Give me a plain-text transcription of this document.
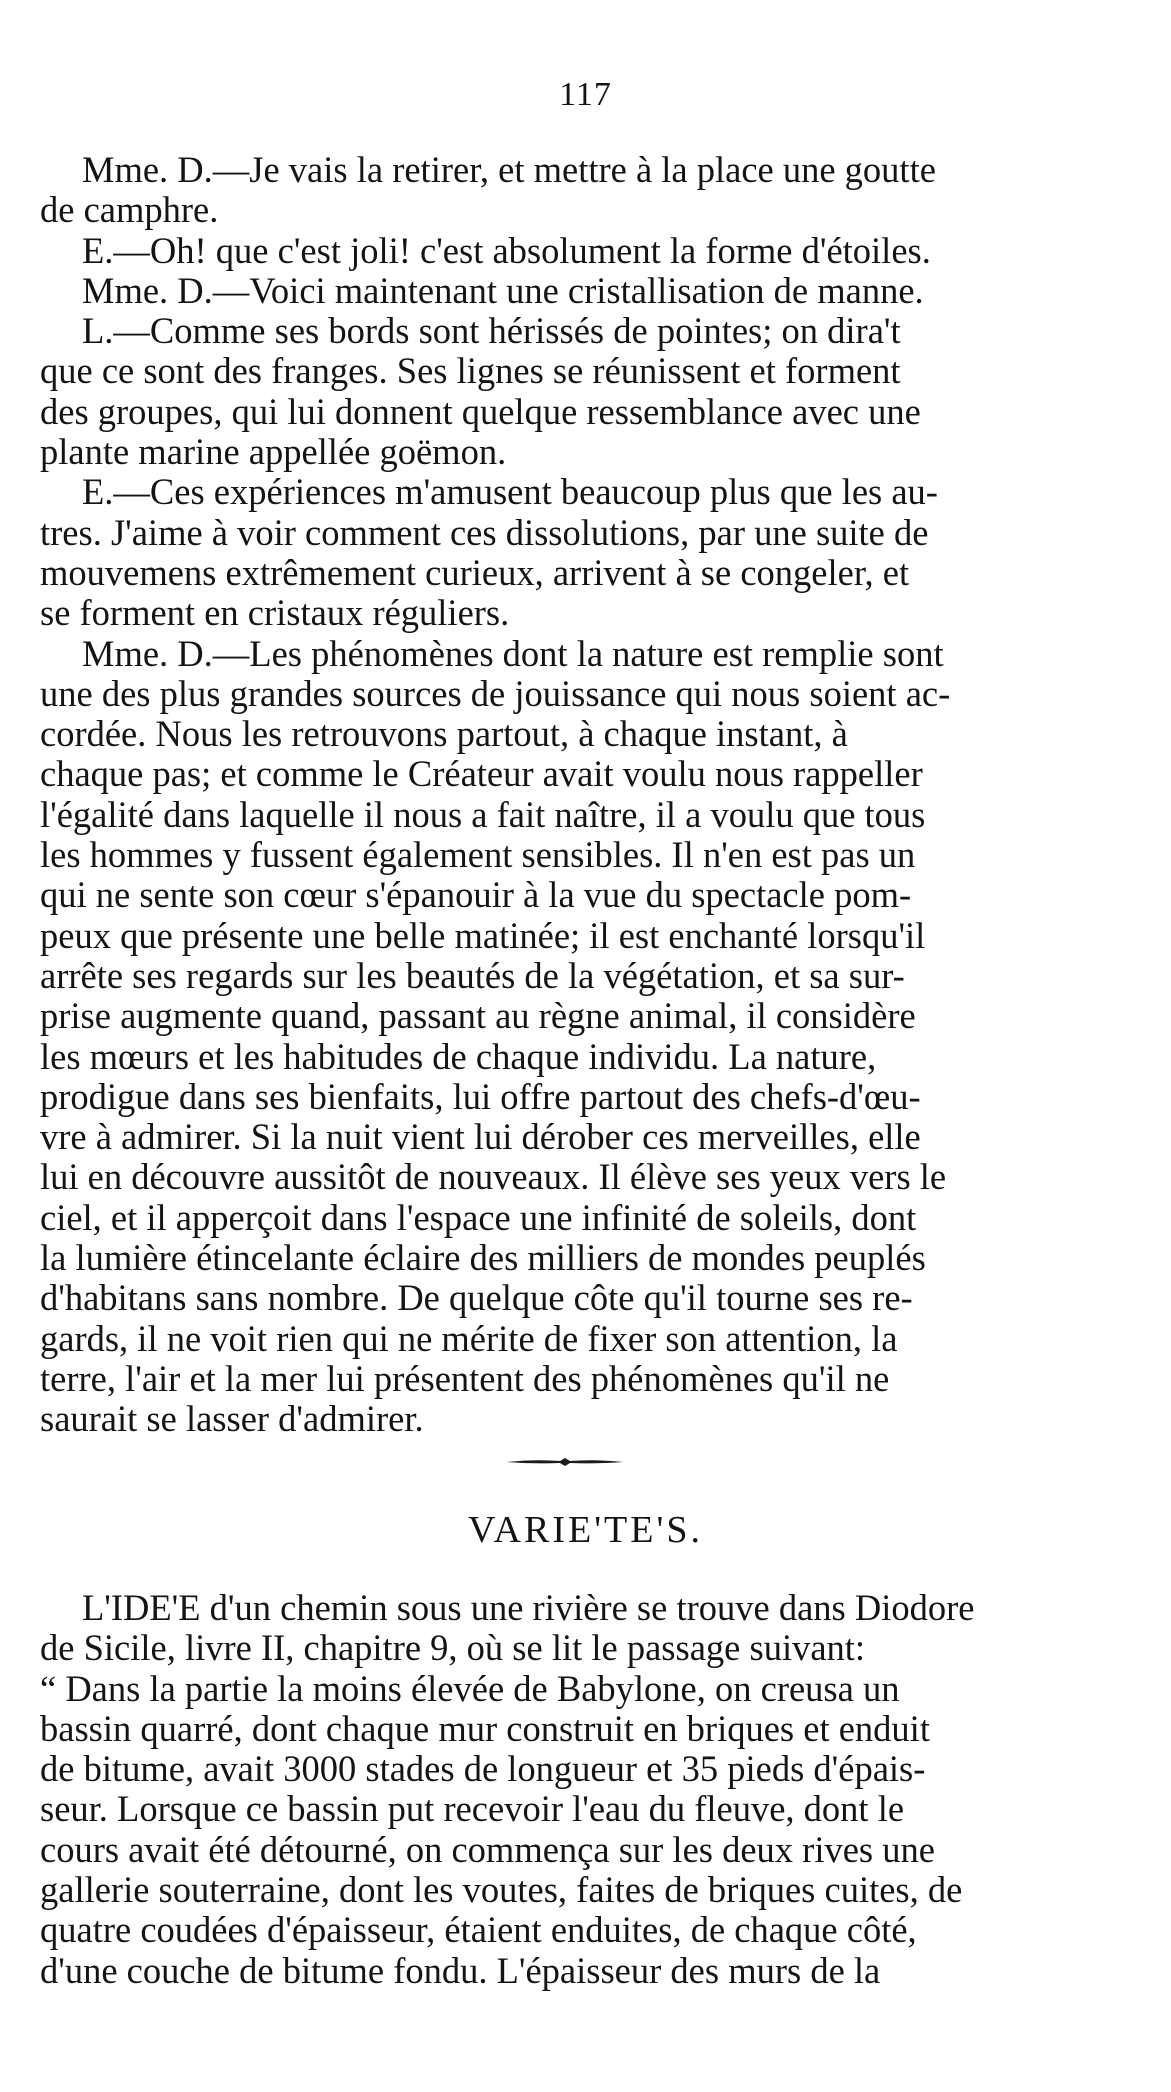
117

Mme. D.—Je vais la retirer, et mettre à la place une goutte
de camphre.

E.—Oh! que c'est joli! c'est absolument la forme d'étoiles.

Mme. D.—Voici maintenant une cristallisation de manne.

L.—Comme ses bords sont hérissés de pointes; on dira't
que ce sont des franges. Ses lignes se réunissent et forment
des groupes, qui lui donnent quelque ressemblance avec une
plante marine appellée goëmon.

E.—Ces expériences m'amusent beaucoup plus que les au-
tres. J'aime à voir comment ces dissolutions, par une suite de
mouvemens extrêmement curieux, arrivent à se congeler, et
se forment en cristaux réguliers.

Mme. D.—Les phénomènes dont la nature est remplie sont
une des plus grandes sources de jouissance qui nous soient ac-
cordée. Nous les retrouvons partout, à chaque instant, à
chaque pas; et comme le Créateur avait voulu nous rappeller
l'égalité dans laquelle il nous a fait naître, il a voulu que tous
les hommes y fussent également sensibles. Il n'en est pas un
qui ne sente son cœur s'épanouir à la vue du spectacle pom-
peux que présente une belle matinée; il est enchanté lorsqu'il
arrête ses regards sur les beautés de la végétation, et sa sur-
prise augmente quand, passant au règne animal, il considère
les mœurs et les habitudes de chaque individu. La nature,
prodigue dans ses bienfaits, lui offre partout des chefs-d'œu-
vre à admirer. Si la nuit vient lui dérober ces merveilles, elle
lui en découvre aussitôt de nouveaux. Il élève ses yeux vers le
ciel, et il apperçoit dans l'espace une infinité de soleils, dont
la lumière étincelante éclaire des milliers de mondes peuplés
d'habitans sans nombre. De quelque côte qu'il tourne ses re-
gards, il ne voit rien qui ne mérite de fixer son attention, la
terre, l'air et la mer lui présentent des phénomènes qu'il ne
saurait se lasser d'admirer.

VARIE'TE'S.

L'IDE'E d'un chemin sous une rivière se trouve dans Diodore
de Sicile, livre II, chapitre 9, où se lit le passage suivant:
“ Dans la partie la moins élevée de Babylone, on creusa un
bassin quarré, dont chaque mur construit en briques et enduit
de bitume, avait 3000 stades de longueur et 35 pieds d'épais-
seur. Lorsque ce bassin put recevoir l'eau du fleuve, dont le
cours avait été détourné, on commença sur les deux rives une
gallerie souterraine, dont les voutes, faites de briques cuites, de
quatre coudées d'épaisseur, étaient enduites, de chaque côté,
d'une couche de bitume fondu. L'épaisseur des murs de la
